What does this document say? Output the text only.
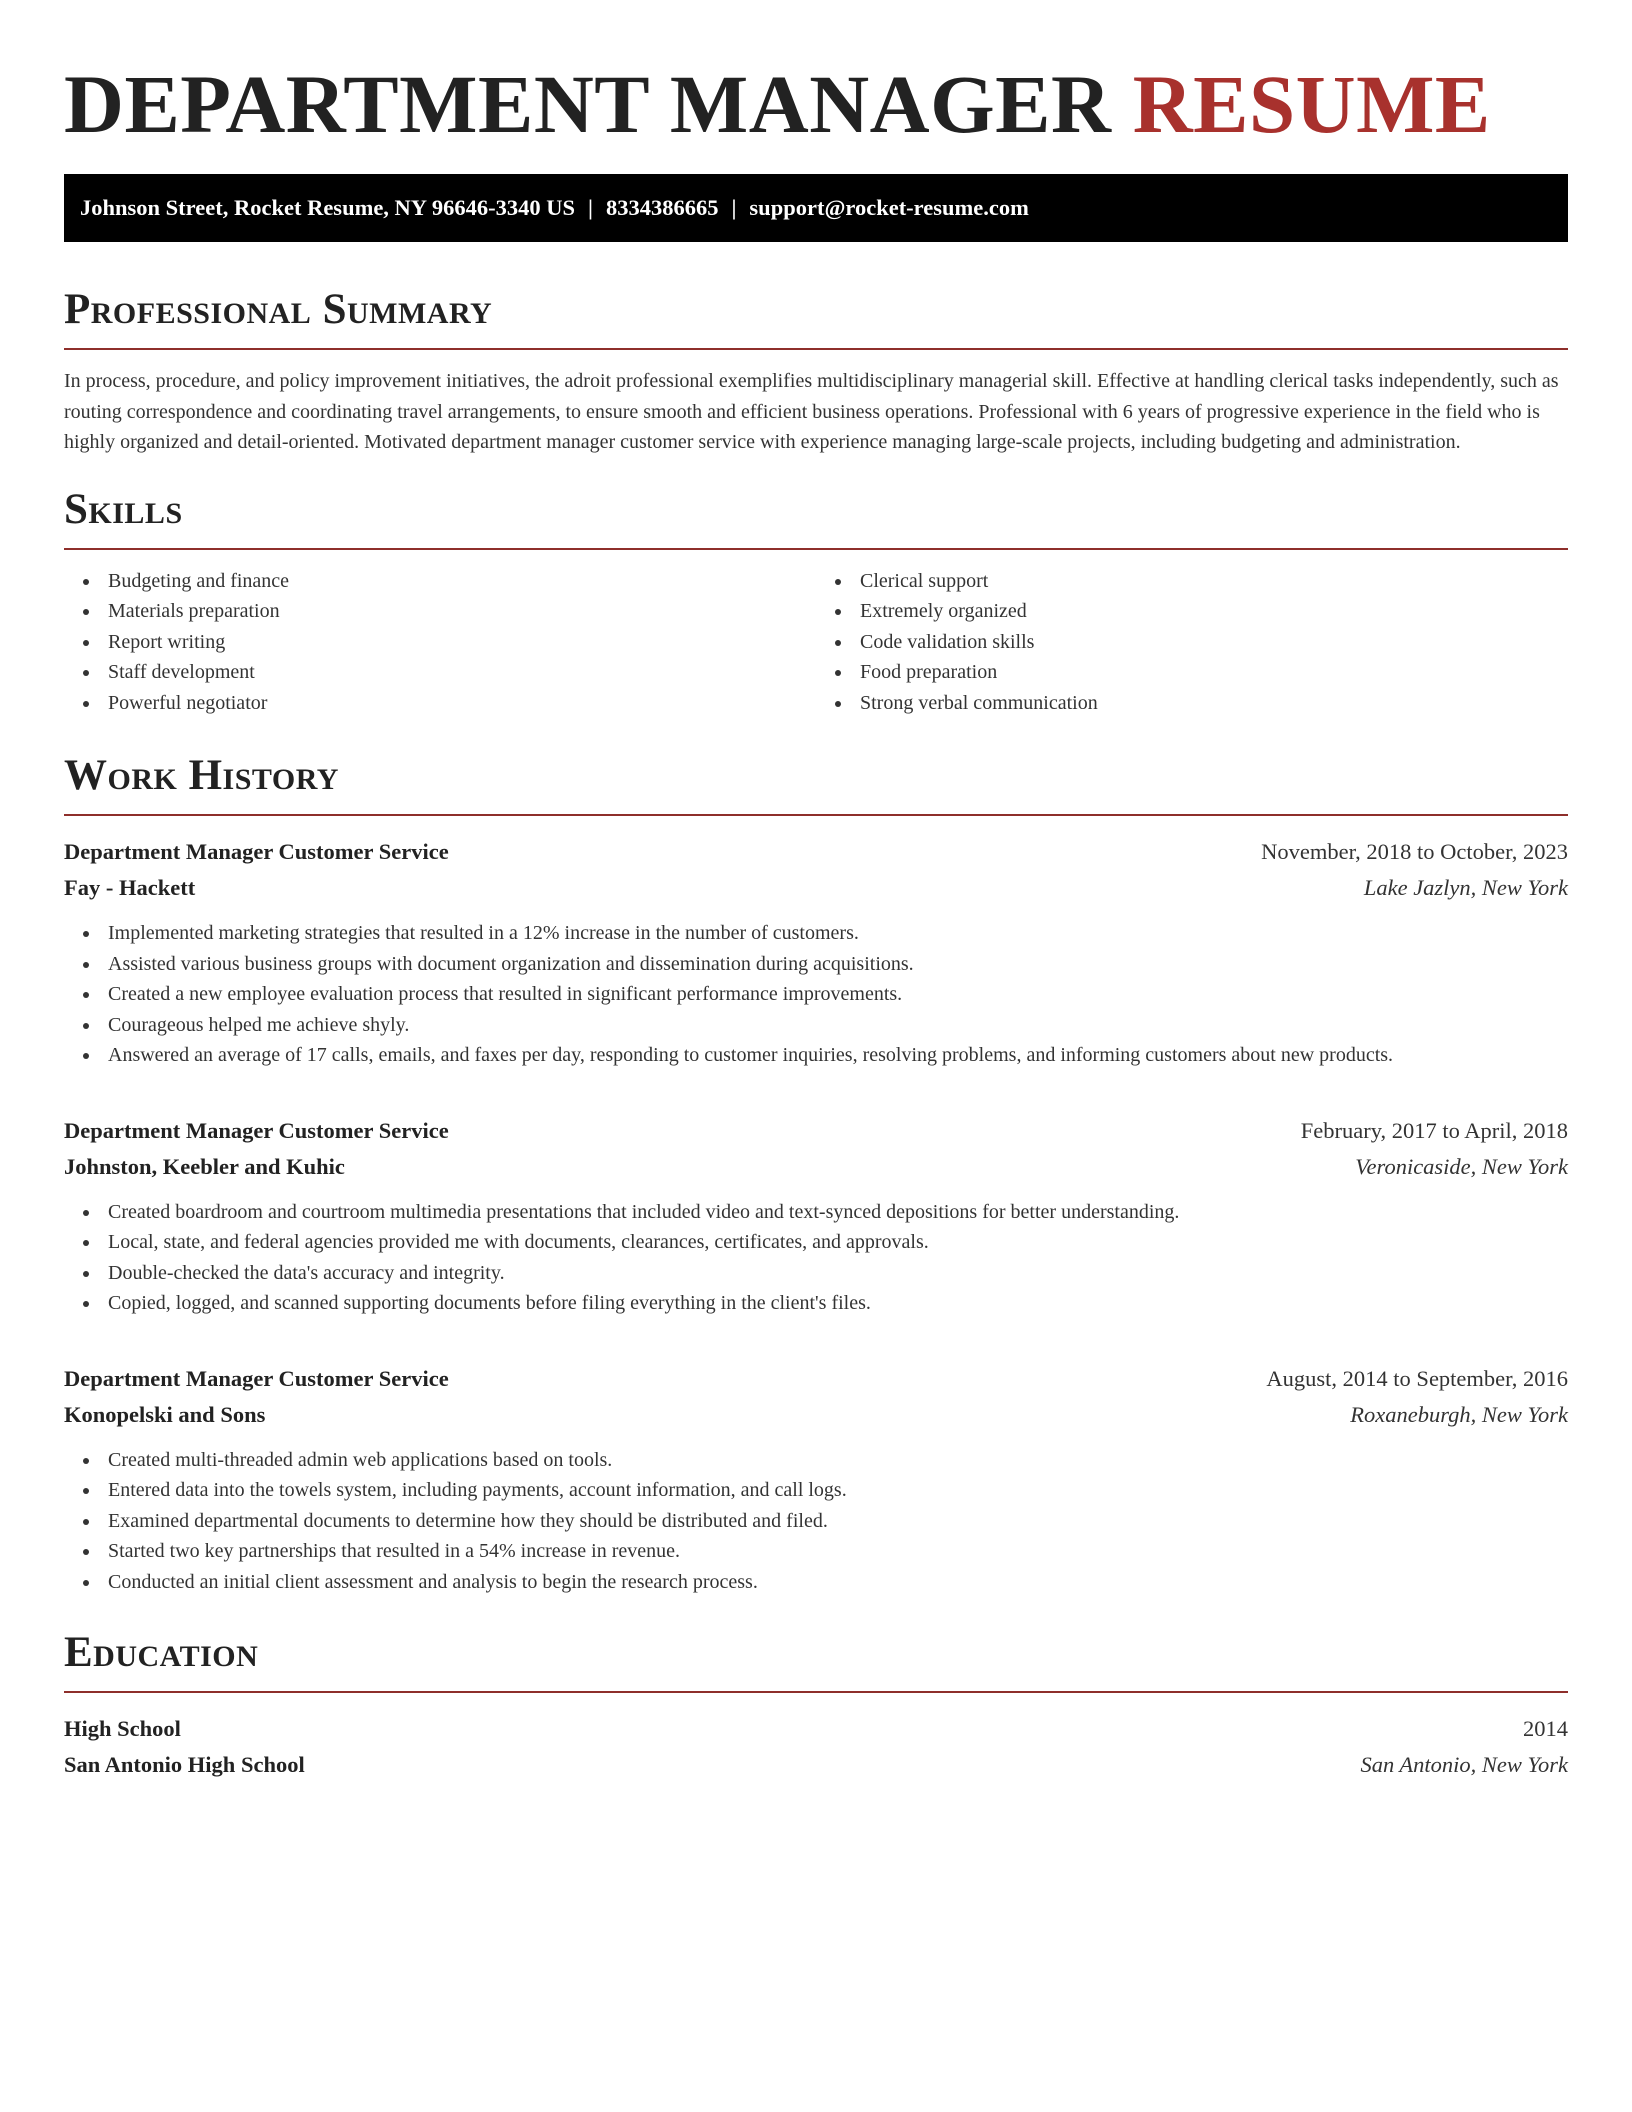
DEPARTMENT MANAGER RESUME
Johnson Street, Rocket Resume, NY 96646-3340 US | 8334386665 | support@rocket-resume.com
Professional Summary

In process, procedure, and policy improvement initiatives, the adroit professional exemplifies multidisciplinary managerial skill. Effective at handling clerical tasks independently, such as routing correspondence and coordinating travel arrangements, to ensure smooth and efficient business operations. Professional with 6 years of progressive experience in the field who is highly organized and detail-oriented. Motivated department manager customer service with experience managing large-scale projects, including budgeting and administration.

Skills
Budgeting and finance
Materials preparation
Report writing
Staff development
Powerful negotiator
Clerical support
Extremely organized
Code validation skills
Food preparation
Strong verbal communication
Work History
Department Manager Customer Service	November, 2018 to October, 2023
Fay - Hackett	Lake Jazlyn, New York
Implemented marketing strategies that resulted in a 12% increase in the number of customers.
Assisted various business groups with document organization and dissemination during acquisitions.
Created a new employee evaluation process that resulted in significant performance improvements.
Courageous helped me achieve shyly.
Answered an average of 17 calls, emails, and faxes per day, responding to customer inquiries, resolving problems, and informing customers about new products.
Department Manager Customer Service	February, 2017 to April, 2018
Johnston, Keebler and Kuhic	Veronicaside, New York
Created boardroom and courtroom multimedia presentations that included video and text-synced depositions for better understanding.
Local, state, and federal agencies provided me with documents, clearances, certificates, and approvals.
Double-checked the data's accuracy and integrity.
Copied, logged, and scanned supporting documents before filing everything in the client's files.
Department Manager Customer Service	August, 2014 to September, 2016
Konopelski and Sons	Roxaneburgh, New York
Created multi-threaded admin web applications based on tools.
Entered data into the towels system, including payments, account information, and call logs.
Examined departmental documents to determine how they should be distributed and filed.
Started two key partnerships that resulted in a 54% increase in revenue.
Conducted an initial client assessment and analysis to begin the research process.
Education
High School	2014
San Antonio High School	San Antonio, New York
